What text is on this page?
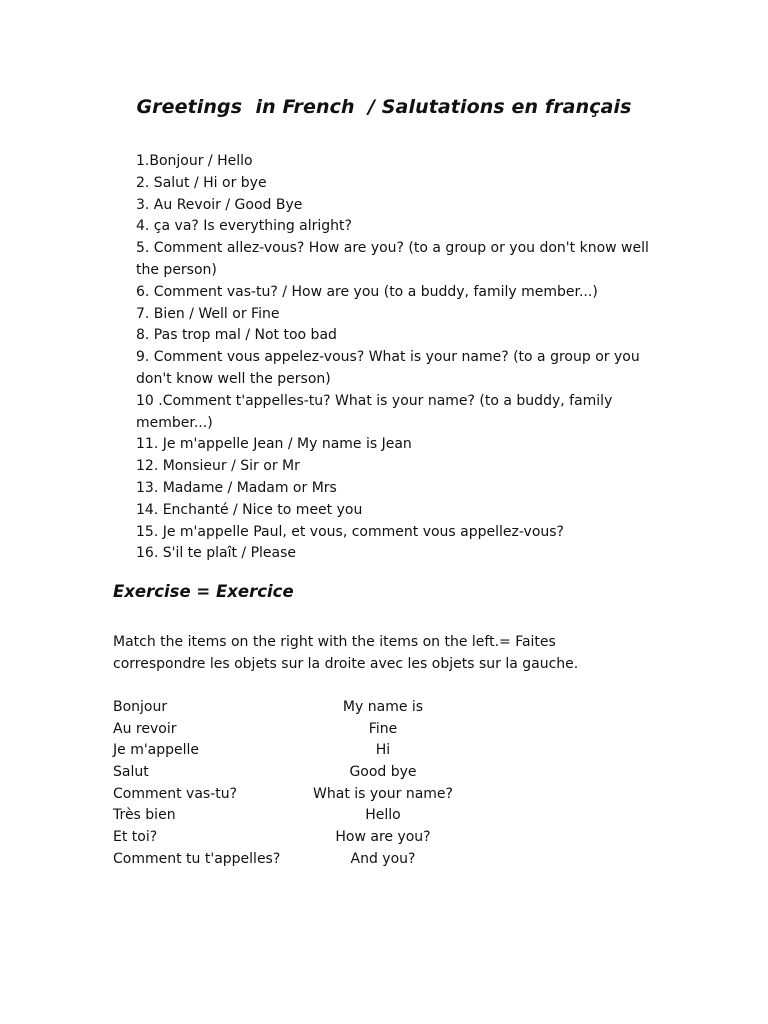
Greetings  in French  / Salutations en français
1.Bonjour / Hello
2. Salut / Hi or bye
3. Au Revoir / Good Bye
4. ça va? Is everything alright?
5. Comment allez-vous? How are you? (to a group or you don't know well the person)
6. Comment vas-tu? / How are you (to a buddy, family member...)
7. Bien / Well or Fine
8. Pas trop mal / Not too bad
9. Comment vous appelez-vous? What is your name? (to a group or you don't know well the person)
10 .Comment t'appelles-tu? What is your name? (to a buddy, family member...)
11. Je m'appelle Jean / My name is Jean
12. Monsieur / Sir or Mr
13. Madame / Madam or Mrs
14. Enchanté / Nice to meet you
15. Je m'appelle Paul, et vous, comment vous appellez-vous?
16. S'il te plaît / Please
Exercise = Exercice
Match the items on the right with the items on the left.= Faites correspondre les objets sur la droite avec les objets sur la gauche.
Bonjour	My name is
Au revoir	Fine
Je m'appelle	Hi
Salut	Good bye
Comment vas-tu?	What is your name?
Très bien	Hello
Et toi?	How are you?
Comment tu t'appelles?	And you?
